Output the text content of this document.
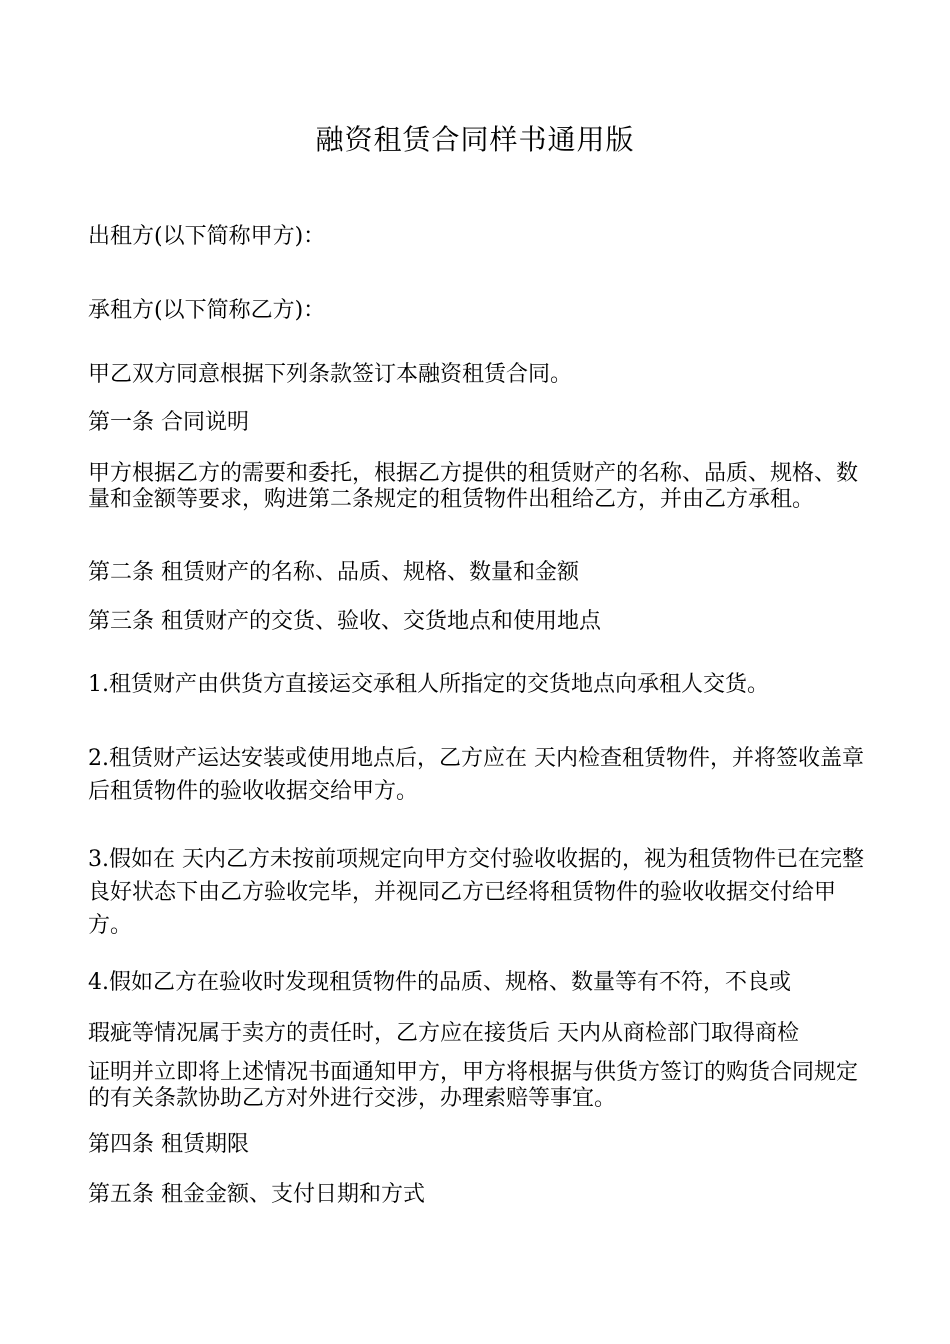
融资租赁合同样书通用版
出租方(以下简称甲方)：
承租方(以下简称乙方)：
甲乙双方同意根据下列条款签订本融资租赁合同。
第一条 合同说明
甲方根据乙方的需要和委托，根据乙方提供的租赁财产的名称、品质、规格、数量和金额等要求，购进第二条规定的租赁物件出租给乙方，并由乙方承租。
第二条 租赁财产的名称、品质、规格、数量和金额
第三条 租赁财产的交货、验收、交货地点和使用地点
1.租赁财产由供货方直接运交承租人所指定的交货地点向承租人交货。
2.租赁财产运达安装或使用地点后，乙方应在 天内检查租赁物件，并将签收盖章后租赁物件的验收收据交给甲方。
3.假如在 天内乙方未按前项规定向甲方交付验收收据的，视为租赁物件已在完整良好状态下由乙方验收完毕，并视同乙方已经将租赁物件的验收收据交付给甲方。
4.假如乙方在验收时发现租赁物件的品质、规格、数量等有不符，不良或
瑕疵等情况属于卖方的责任时，乙方应在接货后 天内从商检部门取得商检
证明并立即将上述情况书面通知甲方，甲方将根据与供货方签订的购货合同规定的有关条款协助乙方对外进行交涉，办理索赔等事宜。
第四条 租赁期限
第五条 租金金额、支付日期和方式
